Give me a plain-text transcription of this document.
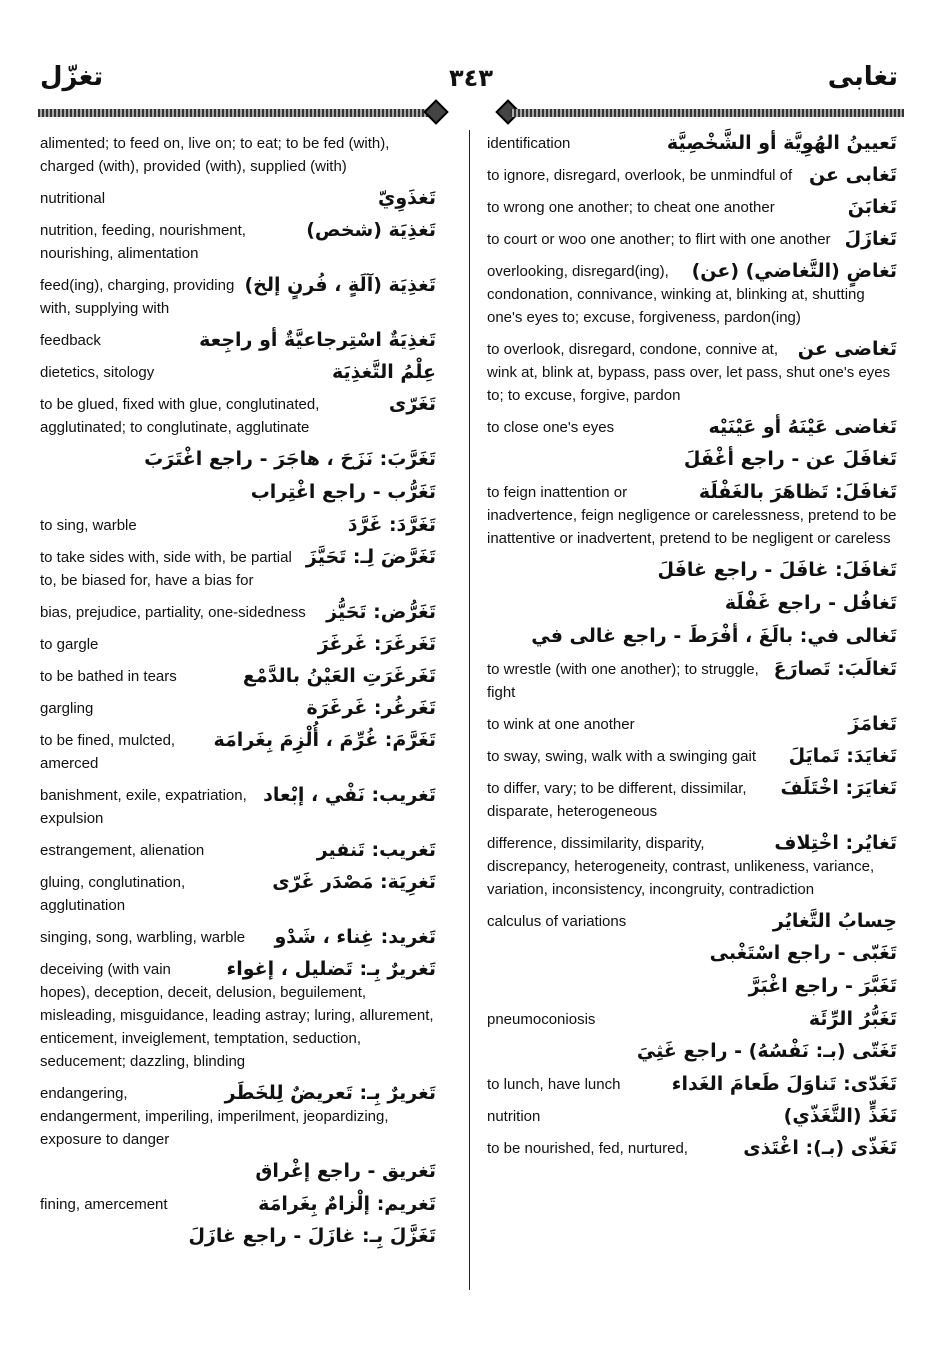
تغزّل	٣٤٣	تغابى
alimented; to feed on, live on; to eat; to be fed (with), charged (with), provided (with), supplied (with)
تَغذَوِيّ
nutritional
تَغذِيَة (شخص)
nutrition, feeding, nourishment, nourishing, alimentation
تَغذِيَة (آلَةٍ ، فُرنٍ إلخ)
feed(ing), charging, providing with, supplying with
تَغذِيَةٌ اسْتِرجاعيَّةٌ أو راجِعة
feedback
عِلْمُ التَّغذِيَة
dietetics, sitology
تَغَرّى
to be glued, fixed with glue, conglutinated, agglutinated; to conglutinate, agglutinate
تَغَرَّبَ: نَزَحَ ، هاجَرَ - راجع اغْتَرَبَ
تَغَرُّب - راجع اغْتِراب
تَغَرَّدَ: غَرَّدَ
to sing, warble
تَغَرَّضَ لِـ: تَحَيَّزَ
to take sides with, side with, be partial to, be biased for, have a bias for
تَغَرُّض: تَحَيُّز
bias, prejudice, partiality, one-sidedness
تَغَرغَرَ: غَرغَرَ
to gargle
تَغَرغَرَتِ العَيْنُ بالدَّمْع
to be bathed in tears
تَغَرغُر: غَرغَرَة
gargling
تَغَرَّمَ: غُرِّمَ ، أُلْزِمَ بِغَرامَة
to be fined, mulcted, amerced
تَغريب: نَفْي ، إبْعاد
banishment, exile, expatriation, expulsion
تَغريب: تَنفير
estrangement, alienation
تَغرِيَة: مَصْدَر غَرّى
gluing, conglutination, agglutination
تَغريد: غِناء ، شَدْو
singing, song, warbling, warble
تَغريرٌ بِـ: تَضليل ، إغواء
deceiving (with vain hopes), deception, deceit, delusion, beguilement, misleading, misguidance, leading astray; luring, allurement, enticement, inveiglement, temptation, seduction, seducement; dazzling, blinding
تَغريرٌ بِـ: تَعريضٌ لِلخَطَر
endangering, endangerment, imperiling, imperilment, jeopardizing, exposure to danger
تَغريق - راجع إغْراق
تَغريم: إلْزامٌ بِغَرامَة
fining, amercement
تَغَزَّلَ بِـ: غازَلَ - راجع غازَلَ
تَعيينُ الهُوِيَّة أو الشَّخْصِيَّة
identification
تَغابى عن
to ignore, disregard, overlook, be unmindful of
تَغابَنَ
to wrong one another; to cheat one another
تَغازَلَ
to court or woo one another; to flirt with one another
تَغاضٍ (التَّغاضي) (عن)
overlooking, disregard(ing), condonation, connivance, winking at, blinking at, shutting one's eyes to; excuse, forgiveness, pardon(ing)
تَغاضى عن
to overlook, disregard, condone, connive at, wink at, blink at, bypass, pass over, let pass, shut one's eyes to; to excuse, forgive, pardon
تَغاضى عَيْنَهُ أو عَيْنَيْه
to close one's eyes
تَغافَلَ عن - راجع أغْفَلَ
تَغافَلَ: تَظاهَرَ بالغَفْلَة
to feign inattention or inadvertence, feign negligence or carelessness, pretend to be inattentive or inadvertent, pretend to be negligent or careless
تَغافَلَ: غافَلَ - راجع غافَلَ
تَغافُل - راجع غَفْلَة
تَغالى في: بالَغَ ، أفْرَطَ - راجع غالى في
تَغالَبَ: تَصارَعَ
to wrestle (with one another); to struggle, fight
تَغامَزَ
to wink at one another
تَغايَدَ: تَمايَلَ
to sway, swing, walk with a swinging gait
تَغايَرَ: اخْتَلَفَ
to differ, vary; to be different, dissimilar, disparate, heterogeneous
تَغايُر: اخْتِلاف
difference, dissimilarity, disparity, discrepancy, heterogeneity, contrast, unlikeness, variance, variation, inconsistency, incongruity, contradiction
حِسابُ التَّغايُر
calculus of variations
تَغَبّى - راجع اسْتَغْبى
تَغَبَّرَ - راجع اغْبَرَّ
تَغَبُّرُ الرِّئَة
pneumoconiosis
تَغَتّى (بـ: نَفْسُهُ) - راجع غَثِيَ
تَغَدّى: تَناوَلَ طَعامَ الغَداء
to lunch, have lunch
تَغَذٍّ (التَّغَذّي)
nutrition
تَغَذّى (بـ): اغْتَذى
to be nourished, fed, nurtured,
